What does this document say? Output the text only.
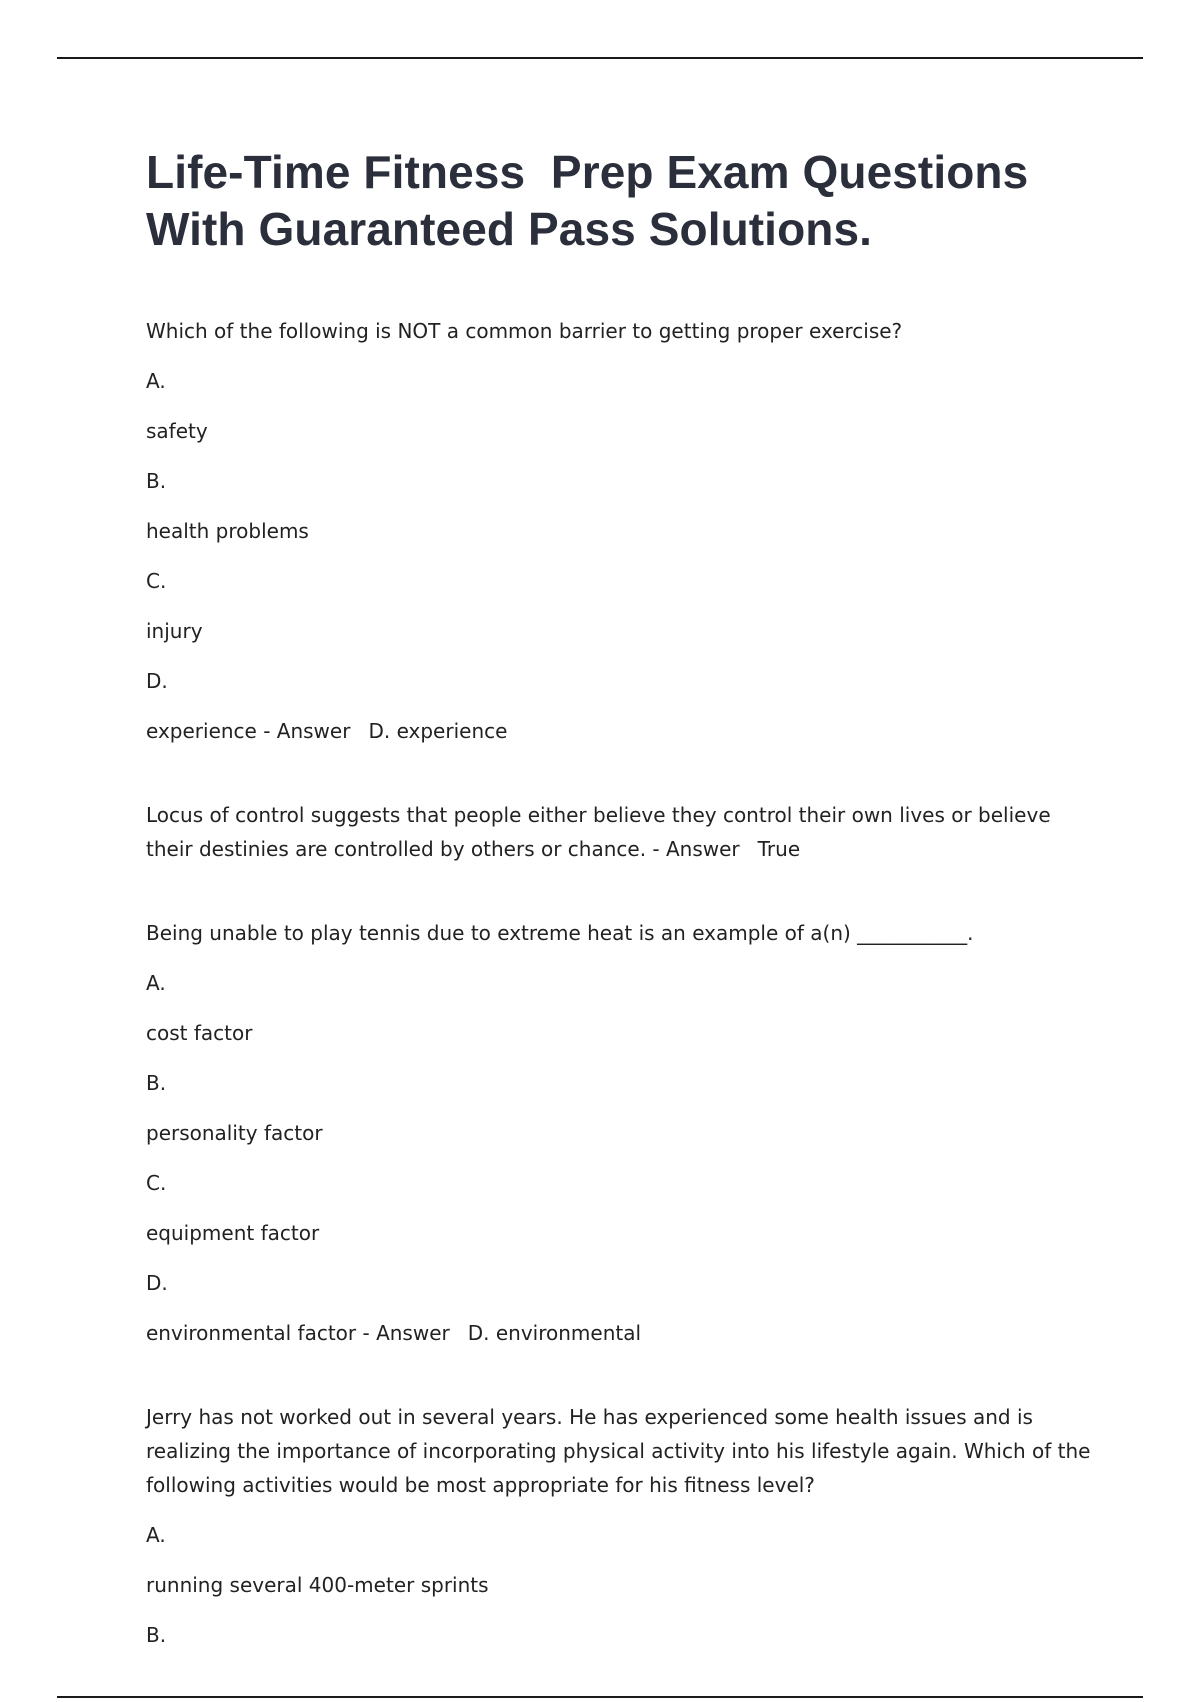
Life-Time Fitness  Prep Exam Questions With Guaranteed Pass Solutions.

Which of the following is NOT a common barrier to getting proper exercise?

A.

safety

B.

health problems

C.

injury

D.

experience - Answer D. experience

Locus of control suggests that people either believe they control their own lives or believe their destinies are controlled by others or chance. - Answer True

Being unable to play tennis due to extreme heat is an example of a(n) ___________.

A.

cost factor

B.

personality factor

C.

equipment factor

D.

environmental factor - Answer D. environmental

Jerry has not worked out in several years. He has experienced some health issues and is realizing the importance of incorporating physical activity into his lifestyle again. Which of the following activities would be most appropriate for his fitness level?

A.

running several 400-meter sprints

B.
